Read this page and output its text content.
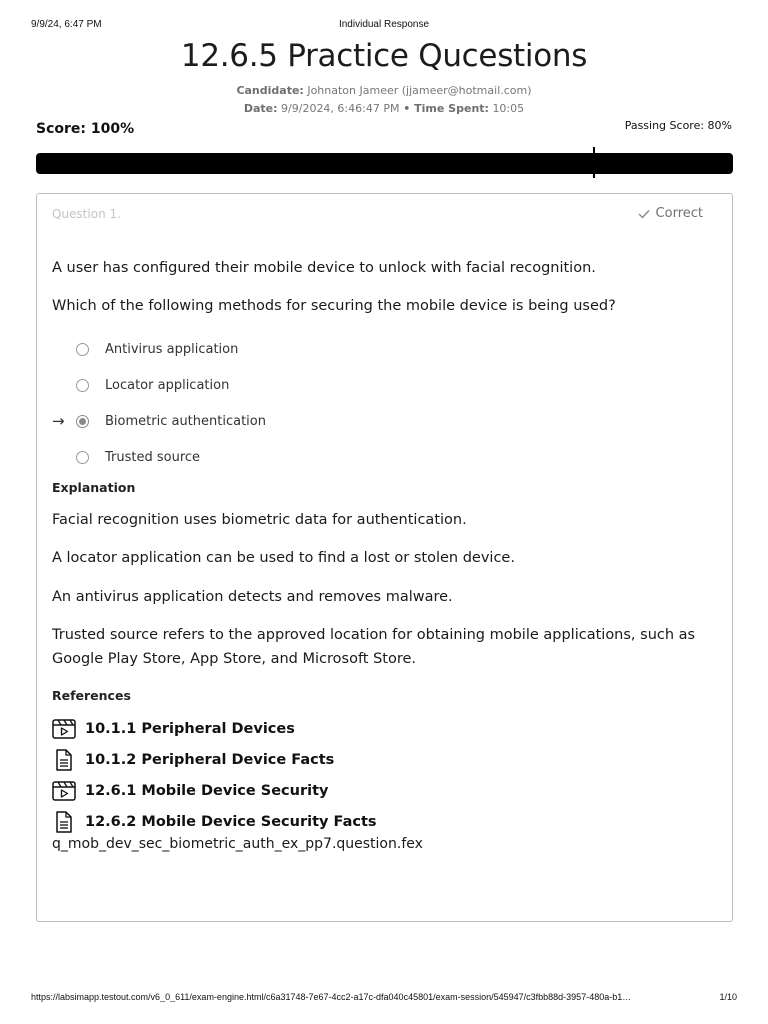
9/9/24, 6:47 PM	Individual Response
12.6.5 Practice Qucestions
Candidate: Johnaton Jameer (jjameer@hotmail.com)
Date: 9/9/2024, 6:46:47 PM • Time Spent: 10:05
Score: 100%	Passing Score: 80%
Question 1.	Correct
A user has configured their mobile device to unlock with facial recognition.
Which of the following methods for securing the mobile device is being used?
Antivirus application
Locator application
→	Biometric authentication
Trusted source
Explanation
Facial recognition uses biometric data for authentication.
A locator application can be used to find a lost or stolen device.
An antivirus application detects and removes malware.
Trusted source refers to the approved location for obtaining mobile applications, such as Google Play Store, App Store, and Microsoft Store.
References
10.1.1 Peripheral Devices
10.1.2 Peripheral Device Facts
12.6.1 Mobile Device Security
12.6.2 Mobile Device Security Facts
q_mob_dev_sec_biometric_auth_ex_pp7.question.fex
https://labsimapp.testout.com/v6_0_611/exam-engine.html/c6a31748-7e67-4cc2-a17c-dfa040c45801/exam-session/545947/c3fbb88d-3957-480a-b1…	1/10
